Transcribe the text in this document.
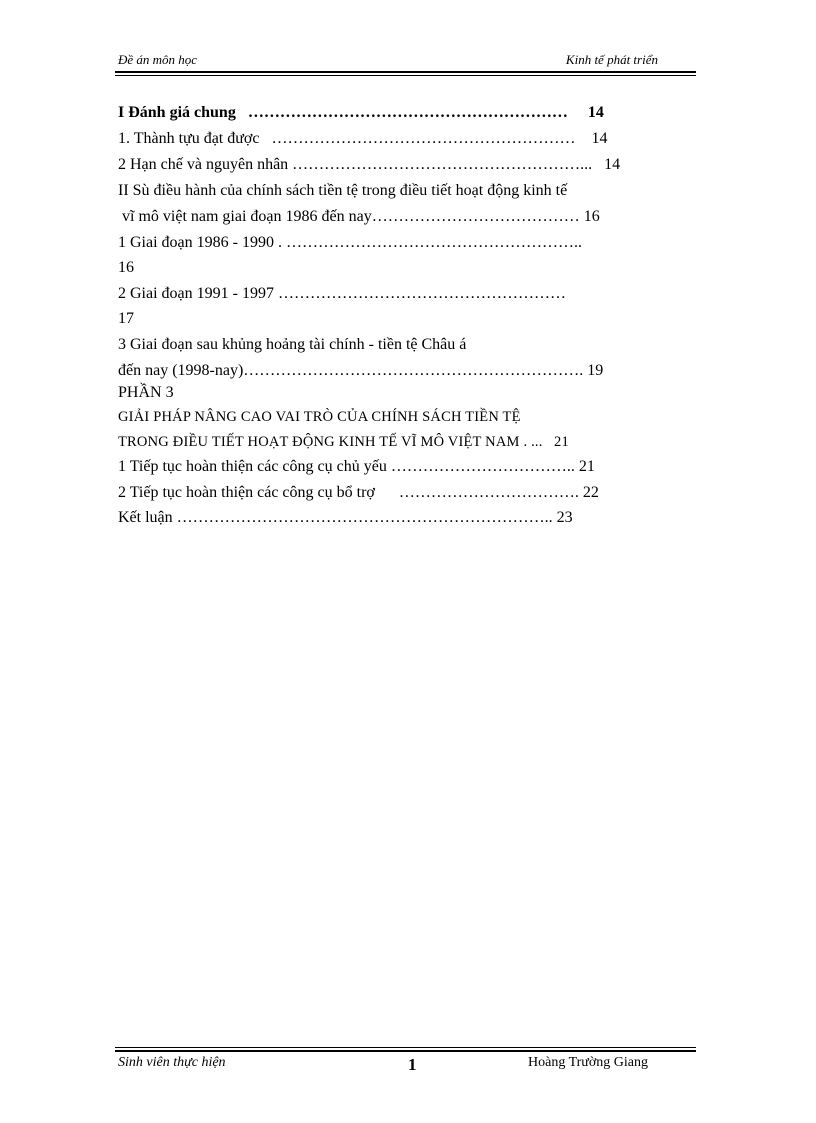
Đề án môn học	Kinh tế phát triển
I Đánh giá chung   ……………………………………………………     14
1. Thành tựu đạt được   …………………………………………………    14
2 Hạn chế và nguyên nhân ………………………………………………...   14
II Sù điều hành của chính sách tiền tệ trong điều tiết hoạt động kinh tế
vĩ mô việt nam giai đoạn 1986 đến nay………………………………… 16
1 Giai đoạn 1986 - 1990 . ………………………………………………..
16
2 Giai đoạn 1991 - 1997 ………………………………………………
17
3 Giai đoạn sau khủng hoảng tài chính - tiền tệ Châu á
đến nay (1998-nay)………………………………………………………. 19
PHẦN 3
GIẢI PHÁP NÂNG CAO VAI TRÒ CỦA CHÍNH SÁCH TIỀN TỆ
TRONG ĐIỀU TIẾT HOẠT ĐỘNG KINH TẾ VĨ MÔ VIỆT NAM . ...   21
1 Tiếp tục hoàn thiện các công cụ chủ yếu …………………………….. 21
2 Tiếp tục hoàn thiện các công cụ bổ trợ      ……………………………. 22
Kết luận …………………………………………………………….. 23
Sinh viên thực hiện	1	Hoàng Trường Giang
